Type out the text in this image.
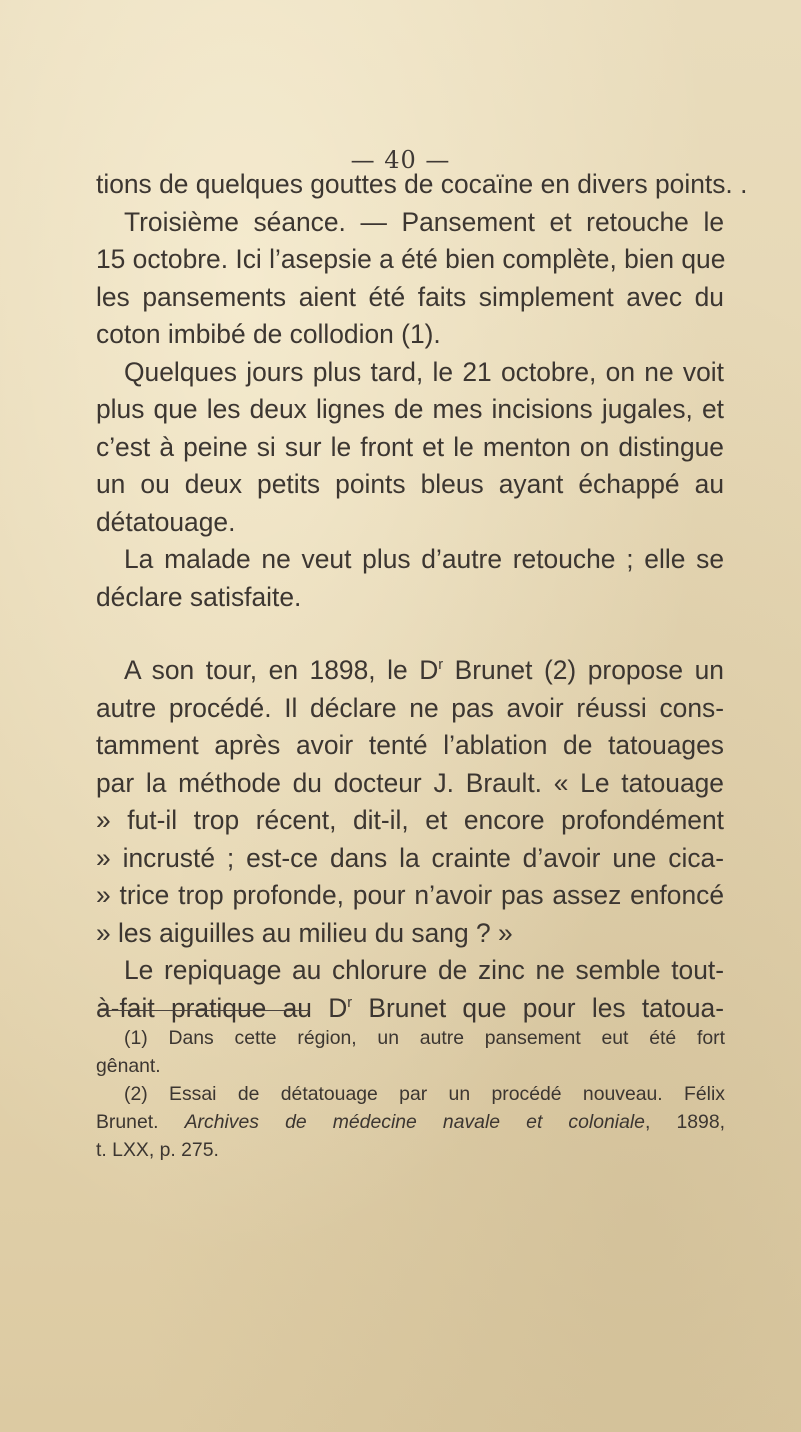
— 40 —
tions de quelques gouttes de cocaïne en divers points. .
Troisième séance. — Pansement et retouche le
15 octobre. Ici l’asepsie a été bien complète, bien que
les pansements aient été faits simplement avec du
coton imbibé de collodion (1).
Quelques jours plus tard, le 21 octobre, on ne voit
plus que les deux lignes de mes incisions jugales, et
c’est à peine si sur le front et le menton on distingue
un ou deux petits points bleus ayant échappé au
détatouage.
La malade ne veut plus d’autre retouche ; elle se
déclare satisfaite.
A son tour, en 1898, le $D^r$ Brunet (2) propose un
autre procédé. Il déclare ne pas avoir réussi cons-
tamment après avoir tenté l’ablation de tatouages
par la méthode du docteur J. Brault. « Le tatouage
» fut-il trop récent, dit-il, et encore profondément
» incrusté ; est-ce dans la crainte d’avoir une cica-
» trice trop profonde, pour n’avoir pas assez enfoncé
» les aiguilles au milieu du sang ? »
Le repiquage au chlorure de zinc ne semble tout-
à-fait pratique au $D^r$ Brunet que pour les tatoua-
(1) Dans cette région, un autre pansement eut été fort
gênant.
(2) Essai de détatouage par un procédé nouveau. Félix
Brunet. Archives de médecine navale et coloniale, 1898,
t. LXX, p. 275.
